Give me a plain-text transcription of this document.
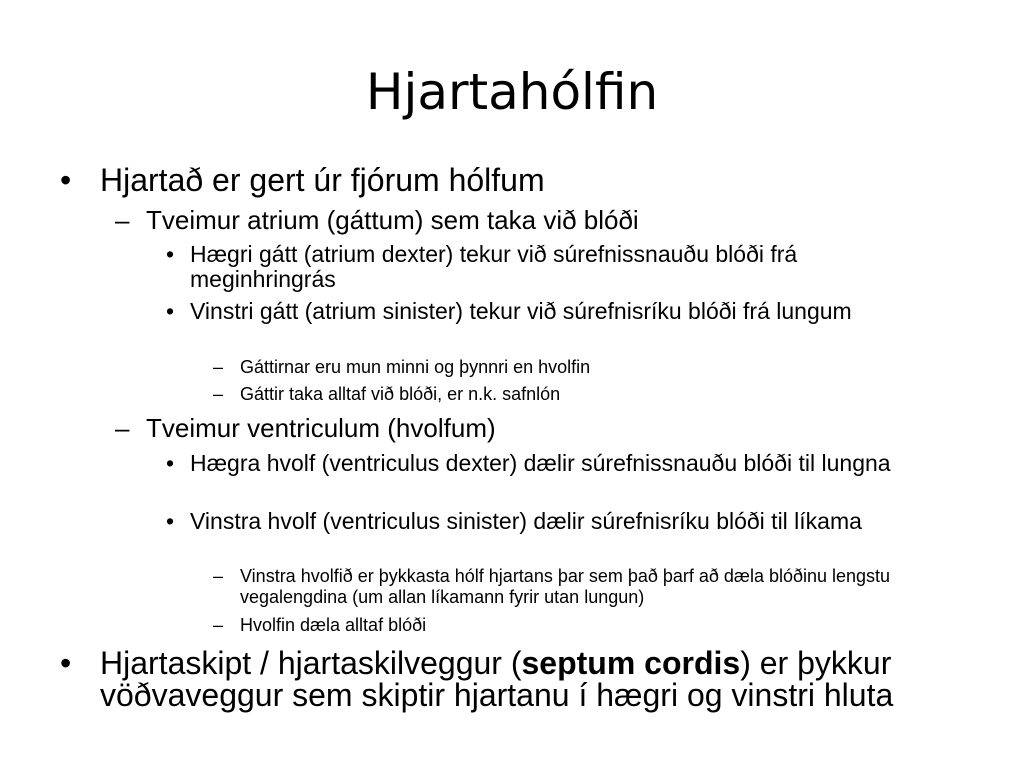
Hjartahólfin
• Hjartað er gert úr fjórum hólfum
– Tveimur atrium (gáttum) sem taka við blóði
• Hægri gátt (atrium dexter) tekur við súrefnissnauðu blóði frá meginhringrás
• Vinstri gátt (atrium sinister) tekur við súrefnisríku blóði frá lungum
– Gáttirnar eru mun minni og þynnri en hvolfin
– Gáttir taka alltaf við blóði, er n.k. safnlón
– Tveimur ventriculum (hvolfum)
• Hægra hvolf (ventriculus dexter) dælir súrefnissnauðu blóði til lungna
• Vinstra hvolf (ventriculus sinister) dælir súrefnisríku blóði til líkama
– Vinstra hvolfið er þykkasta hólf hjartans þar sem það þarf að dæla blóðinu lengstu vegalengdina (um allan líkamann fyrir utan lungun)
– Hvolfin dæla alltaf blóði
• Hjartaskipt / hjartaskilveggur (septum cordis) er þykkur vöðvaveggur sem skiptir hjartanu í hægri og vinstri hluta
